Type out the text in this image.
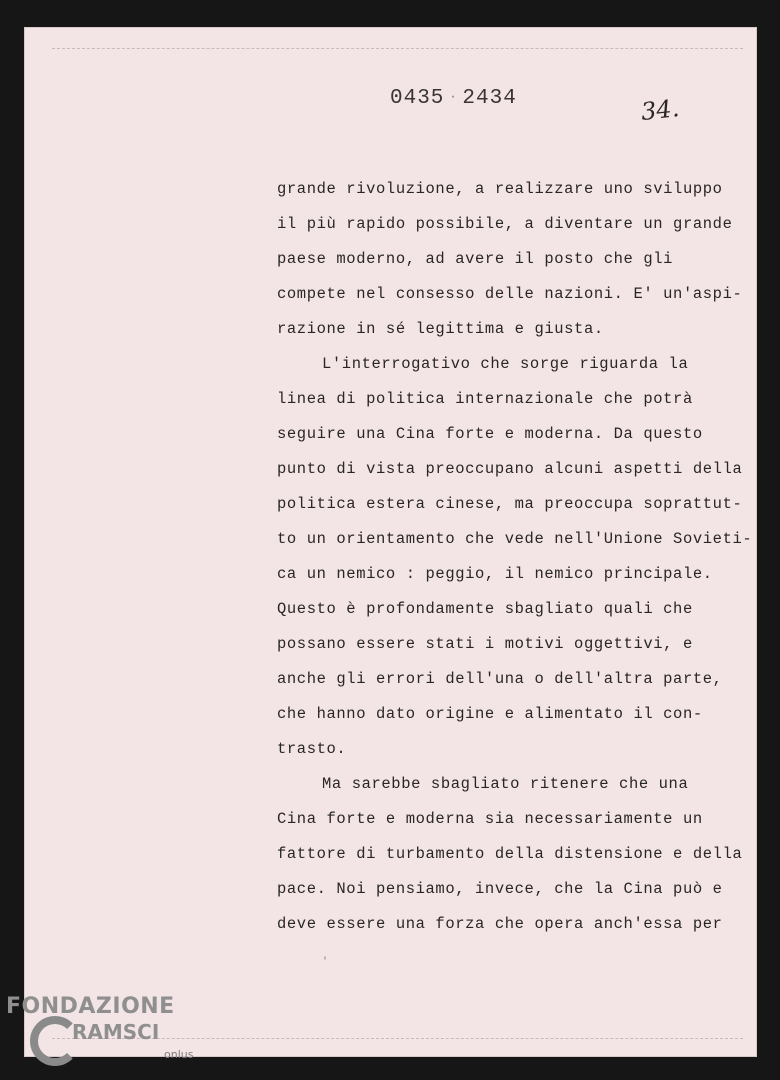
0435 · 2434	34.
grande rivoluzione, a realizzare uno sviluppo
il più rapido possibile, a diventare un grande
paese moderno, ad avere il posto che gli
compete nel consesso delle nazioni. E' un'aspi-
razione in sé legittima e giusta.
L'interrogativo che sorge riguarda la
linea di politica internazionale che potrà
seguire una Cina forte e moderna. Da questo
punto di vista preoccupano alcuni aspetti della
politica estera cinese, ma preoccupa soprattut-
to un orientamento che vede nell'Unione Sovieti-
ca un nemico : peggio, il nemico principale.
Questo è profondamente sbagliato quali che
possano essere stati i motivi oggettivi, e
anche gli errori dell'una o dell'altra parte,
che hanno dato origine e alimentato il con-
trasto.
Ma sarebbe sbagliato ritenere che una
Cina forte e moderna sia necessariamente un
fattore di turbamento della distensione e della
pace. Noi pensiamo, invece, che la Cina può e
deve essere una forza che opera anch'essa per
'
FONDAZIONE
RAMSCI
onlus
